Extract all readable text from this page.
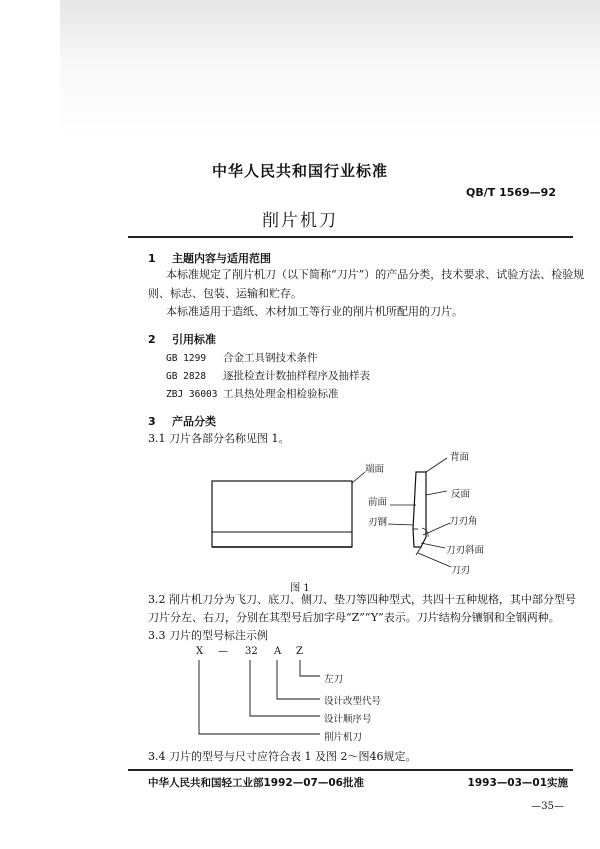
中华人民共和国行业标准
QB/T 1569—92
削片机刀
1 主题内容与适用范围
本标准规定了削片机刀（以下简称“刀片”）的产品分类，技术要求、试验方法、检验规
则、标志、包装、运输和贮存。
本标准适用于造纸、木材加工等行业的削片机所配用的刀片。
2 引用标准
GB 1299 合金工具钢技术条件
GB 2828 逐批检查计数抽样程序及抽样表
ZBJ 36003 工具热处理金相检验标准
3 产品分类
3.1 刀片各部分名称见图 1。
端面
背面
前面
反面
刃钢	刀刃角
刀刃斜面
刀刃
图 1
3.2 削片机刀分为飞刀、底刀、侧刀、垫刀等四种型式，共四十五种规格，其中部分型号
刀片分左、右刀，分别在其型号后加字母“Z”“Y”表示。刀片结构分镶钢和全钢两种。
3.3 刀片的型号标注示例
X — 32 A Z
左刀
设计改型代号
设计顺序号
削片机刀
3.4 刀片的型号与尺寸应符合表 1 及图 2～图46规定。
中华人民共和国轻工业部1992—07—06批准	1993—03—01实施
—35—
